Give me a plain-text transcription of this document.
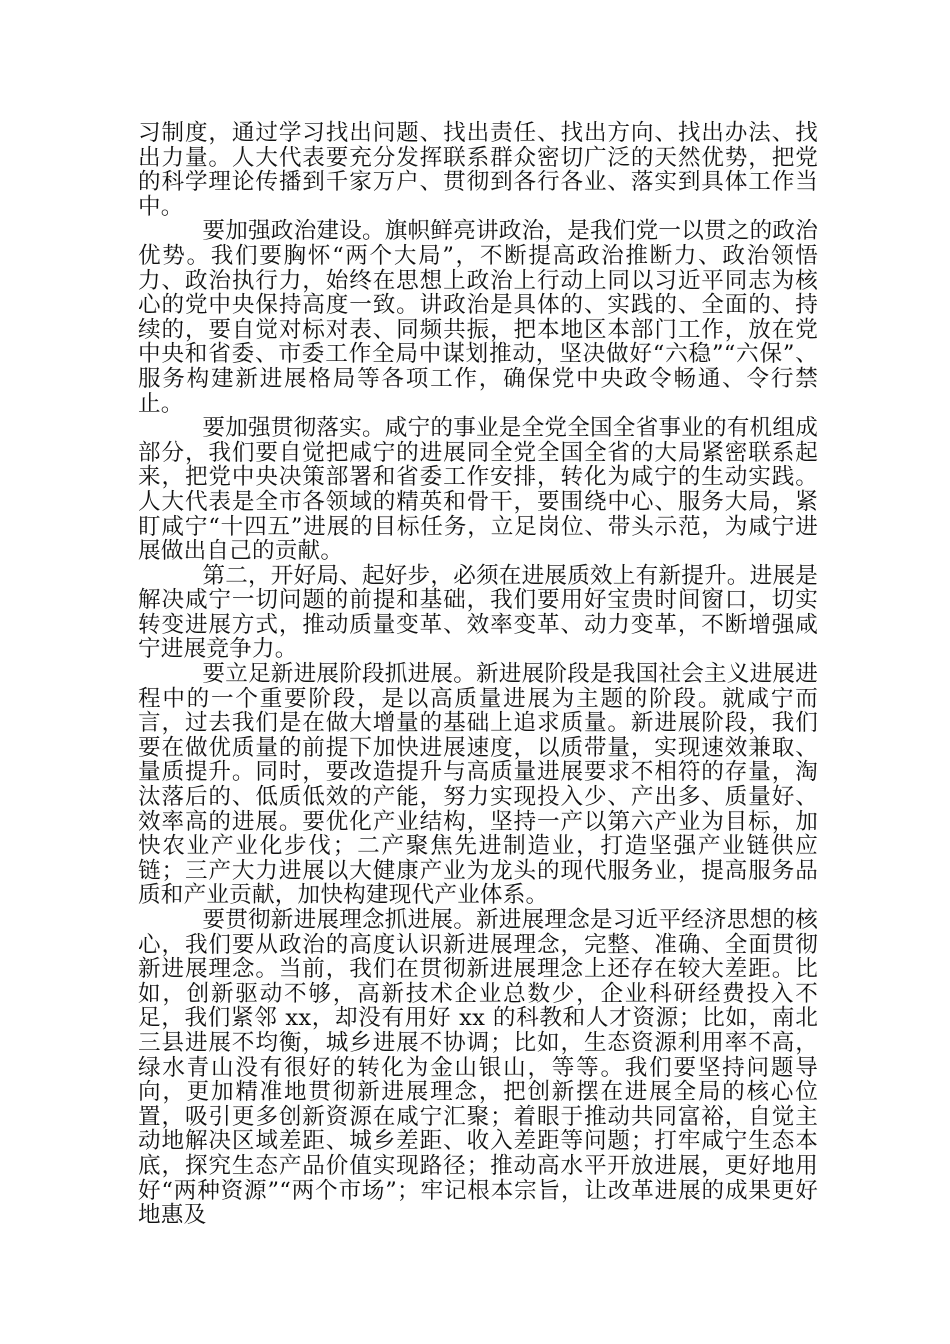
习制度，通过学习找出问题、找出责任、找出方向、找出办法、找出力量。人大代表要充分发挥联系群众密切广泛的天然优势，把党的科学理论传播到千家万户、贯彻到各行各业、落实到具体工作当中。

要加强政治建设。旗帜鲜亮讲政治，是我们党一以贯之的政治优势。我们要胸怀“两个大局”，不断提高政治推断力、政治领悟力、政治执行力，始终在思想上政治上行动上同以习近平同志为核心的党中央保持高度一致。讲政治是具体的、实践的、全面的、持续的，要自觉对标对表、同频共振，把本地区本部门工作，放在党中央和省委、市委工作全局中谋划推动，坚决做好“六稳”“六保”、服务构建新进展格局等各项工作，确保党中央政令畅通、令行禁止。

要加强贯彻落实。咸宁的事业是全党全国全省事业的有机组成部分，我们要自觉把咸宁的进展同全党全国全省的大局紧密联系起来，把党中央决策部署和省委工作安排，转化为咸宁的生动实践。人大代表是全市各领域的精英和骨干，要围绕中心、服务大局，紧盯咸宁“十四五”进展的目标任务，立足岗位、带头示范，为咸宁进展做出自己的贡献。

第二，开好局、起好步，必须在进展质效上有新提升。进展是解决咸宁一切问题的前提和基础，我们要用好宝贵时间窗口，切实转变进展方式，推动质量变革、效率变革、动力变革，不断增强咸宁进展竞争力。

要立足新进展阶段抓进展。新进展阶段是我国社会主义进展进程中的一个重要阶段，是以高质量进展为主题的阶段。就咸宁而言，过去我们是在做大增量的基础上追求质量。新进展阶段，我们要在做优质量的前提下加快进展速度，以质带量，实现速效兼取、量质提升。同时，要改造提升与高质量进展要求不相符的存量，淘汰落后的、低质低效的产能，努力实现投入少、产出多、质量好、效率高的进展。要优化产业结构，坚持一产以第六产业为目标，加快农业产业化步伐；二产聚焦先进制造业，打造坚强产业链供应链；三产大力进展以大健康产业为龙头的现代服务业，提高服务品质和产业贡献，加快构建现代产业体系。

要贯彻新进展理念抓进展。新进展理念是习近平经济思想的核心，我们要从政治的高度认识新进展理念，完整、准确、全面贯彻新进展理念。当前，我们在贯彻新进展理念上还存在较大差距。比如，创新驱动不够，高新技术企业总数少，企业科研经费投入不足，我们紧邻 xx，却没有用好 xx 的科教和人才资源；比如，南北三县进展不均衡，城乡进展不协调；比如，生态资源利用率不高，绿水青山没有很好的转化为金山银山，等等。我们要坚持问题导向，更加精准地贯彻新进展理念，把创新摆在进展全局的核心位置，吸引更多创新资源在咸宁汇聚；着眼于推动共同富裕，自觉主动地解决区域差距、城乡差距、收入差距等问题；打牢咸宁生态本底，探究生态产品价值实现路径；推动高水平开放进展，更好地用好“两种资源”“两个市场”；牢记根本宗旨，让改革进展的成果更好地惠及
